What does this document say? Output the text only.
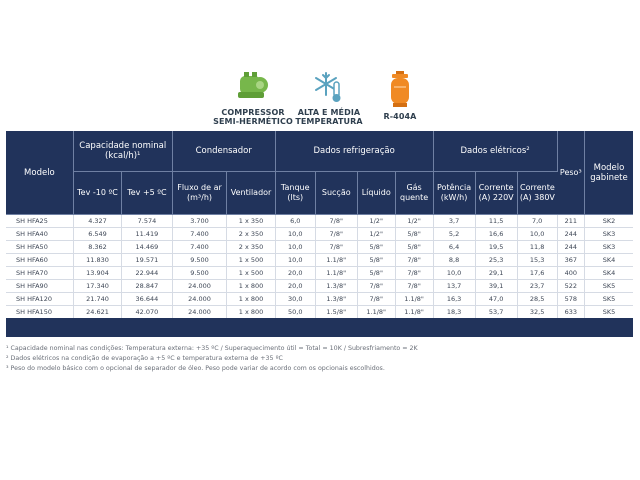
COMPRESSOR
SEMI-HERMÉTICO
ALTA E MÉDIA
TEMPERATURA
R-404A
Modelo	Capacidade nominal (kcal/h)¹		Condensador		Dados refrigeração				Dados elétricos²			Peso³	Modelo gabinete
	Tev -10 ºC	Tev +5 ºC	Fluxo de ar (m³/h)	Ventilador	Tanque (lts)	Sucção	Líquido	Gás quente	Potência (kW/h)	Corrente (A) 220V	Corrente (A) 380V		
SH HFA25	4.327	7.574	3.700	1 x 350	6,0	7/8"	1/2"	1/2"	3,7	11,5	7,0	211	SK2
SH HFA40	6.549	11.419	7.400	2 x 350	10,0	7/8"	1/2"	5/8"	5,2	16,6	10,0	244	SK3
SH HFA50	8.362	14.469	7.400	2 x 350	10,0	7/8"	5/8"	5/8"	6,4	19,5	11,8	244	SK3
SH HFA60	11.830	19.571	9.500	1 x 500	10,0	1.1/8"	5/8"	7/8"	8,8	25,3	15,3	367	SK4
SH HFA70	13.904	22.944	9.500	1 x 500	20,0	1.1/8"	5/8"	7/8"	10,0	29,1	17,6	400	SK4
SH HFA90	17.340	28.847	24.000	1 x 800	20,0	1.3/8"	7/8"	7/8"	13,7	39,1	23,7	522	SK5
SH HFA120	21.740	36.644	24.000	1 x 800	30,0	1.3/8"	7/8"	1.1/8"	16,3	47,0	28,5	578	SK5
SH HFA150	24.621	42.070	24.000	1 x 800	50,0	1.5/8"	1.1/8"	1.1/8"	18,3	53,7	32,5	633	SK5
¹ Capacidade nominal nas condições: Temperatura externa: +35 ºC / Superaquecimento útil = Total = 10K / Subresfriamento = 2K
² Dados elétricos na condição de evaporação a +5 ºC e temperatura externa de +35 ºC
³ Peso do modelo básico com o opcional de separador de óleo. Peso pode variar de acordo com os opcionais escolhidos.
